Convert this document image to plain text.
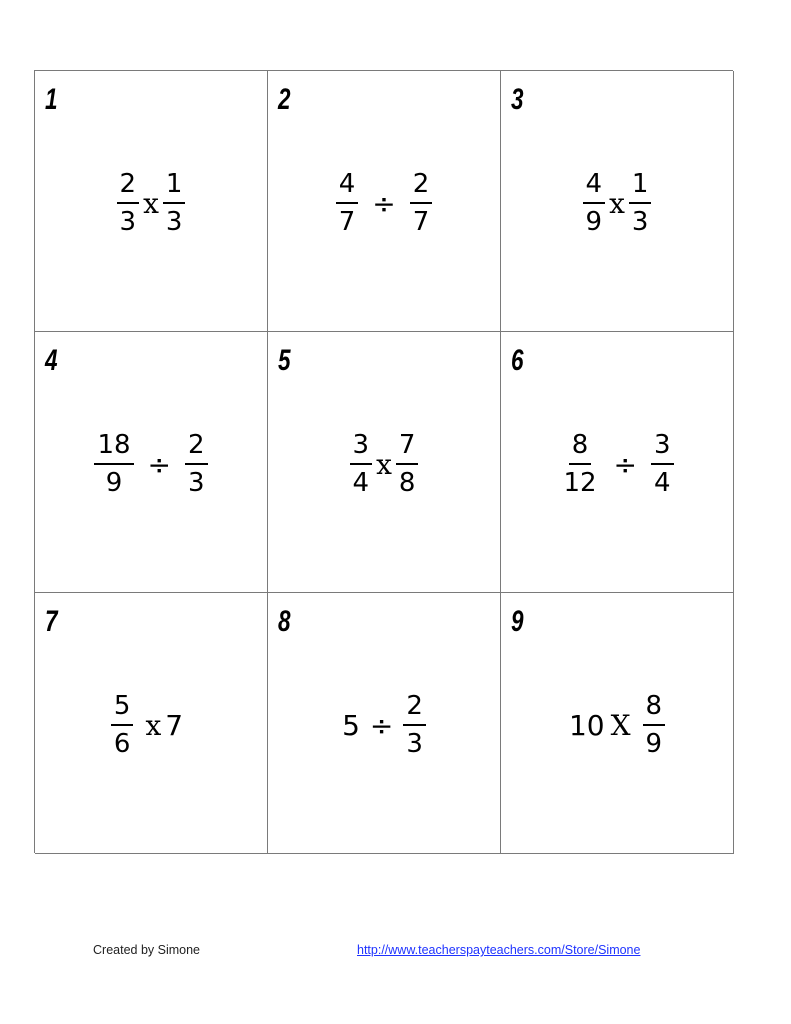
1
$\frac{2}{3}$ x $\frac{1}{3}$
2
$\frac{4}{7} \div \frac{2}{7}$
3
$\frac{4}{9}$ x $\frac{1}{3}$
4
$\frac{18}{9} \div \frac{2}{3}$
5
$\frac{3}{4}$ x $\frac{7}{8}$
6
$\frac{8}{12} \div \frac{3}{4}$
7
$\frac{5}{6}$ x 7
8
$5 \div \frac{2}{3}$
9
10 X $\frac{8}{9}$
Created by Simone	http://www.teacherspayteachers.com/Store/Simone
